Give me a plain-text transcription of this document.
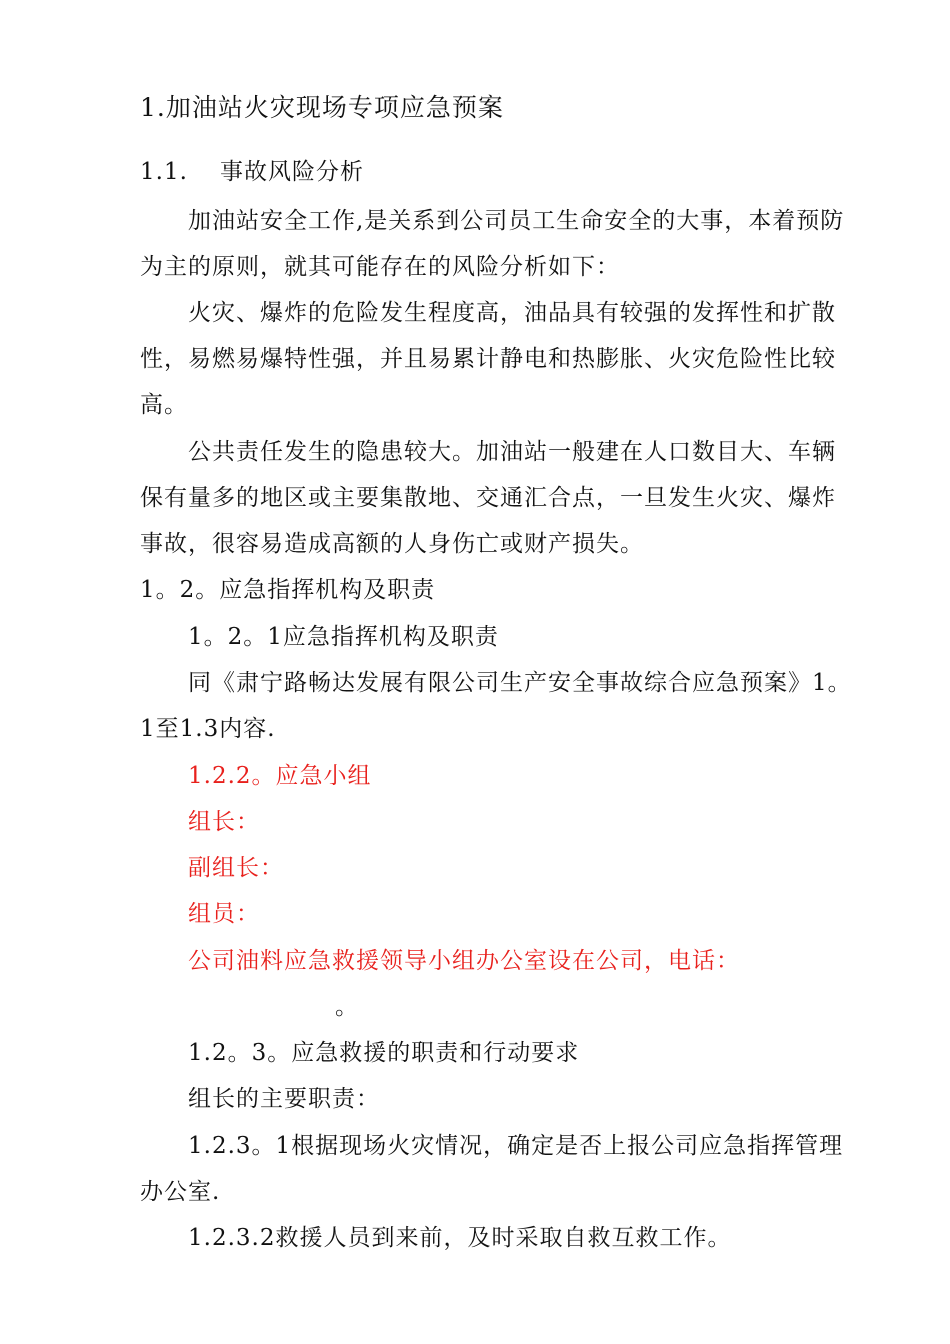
1.加油站火灾现场专项应急预案
1.1. 事故风险分析
加油站安全工作,是关系到公司员工生命安全的大事，本着预防
为主的原则，就其可能存在的风险分析如下：
火灾、爆炸的危险发生程度高，油品具有较强的发挥性和扩散
性，易燃易爆特性强，并且易累计静电和热膨胀、火灾危险性比较
高。
公共责任发生的隐患较大。加油站一般建在人口数目大、车辆
保有量多的地区或主要集散地、交通汇合点，一旦发生火灾、爆炸
事故，很容易造成高额的人身伤亡或财产损失。
1。2。应急指挥机构及职责
1。2。1应急指挥机构及职责
同《肃宁路畅达发展有限公司生产安全事故综合应急预案》1。
1至1.3内容.
1.2.2。应急小组
组长：
副组长：
组员：
公司油料应急救援领导小组办公室设在公司，电话：
。
1.2。3。应急救援的职责和行动要求
组长的主要职责：
1.2.3。1根据现场火灾情况，确定是否上报公司应急指挥管理
办公室.
1.2.3.2救援人员到来前，及时采取自救互救工作。
